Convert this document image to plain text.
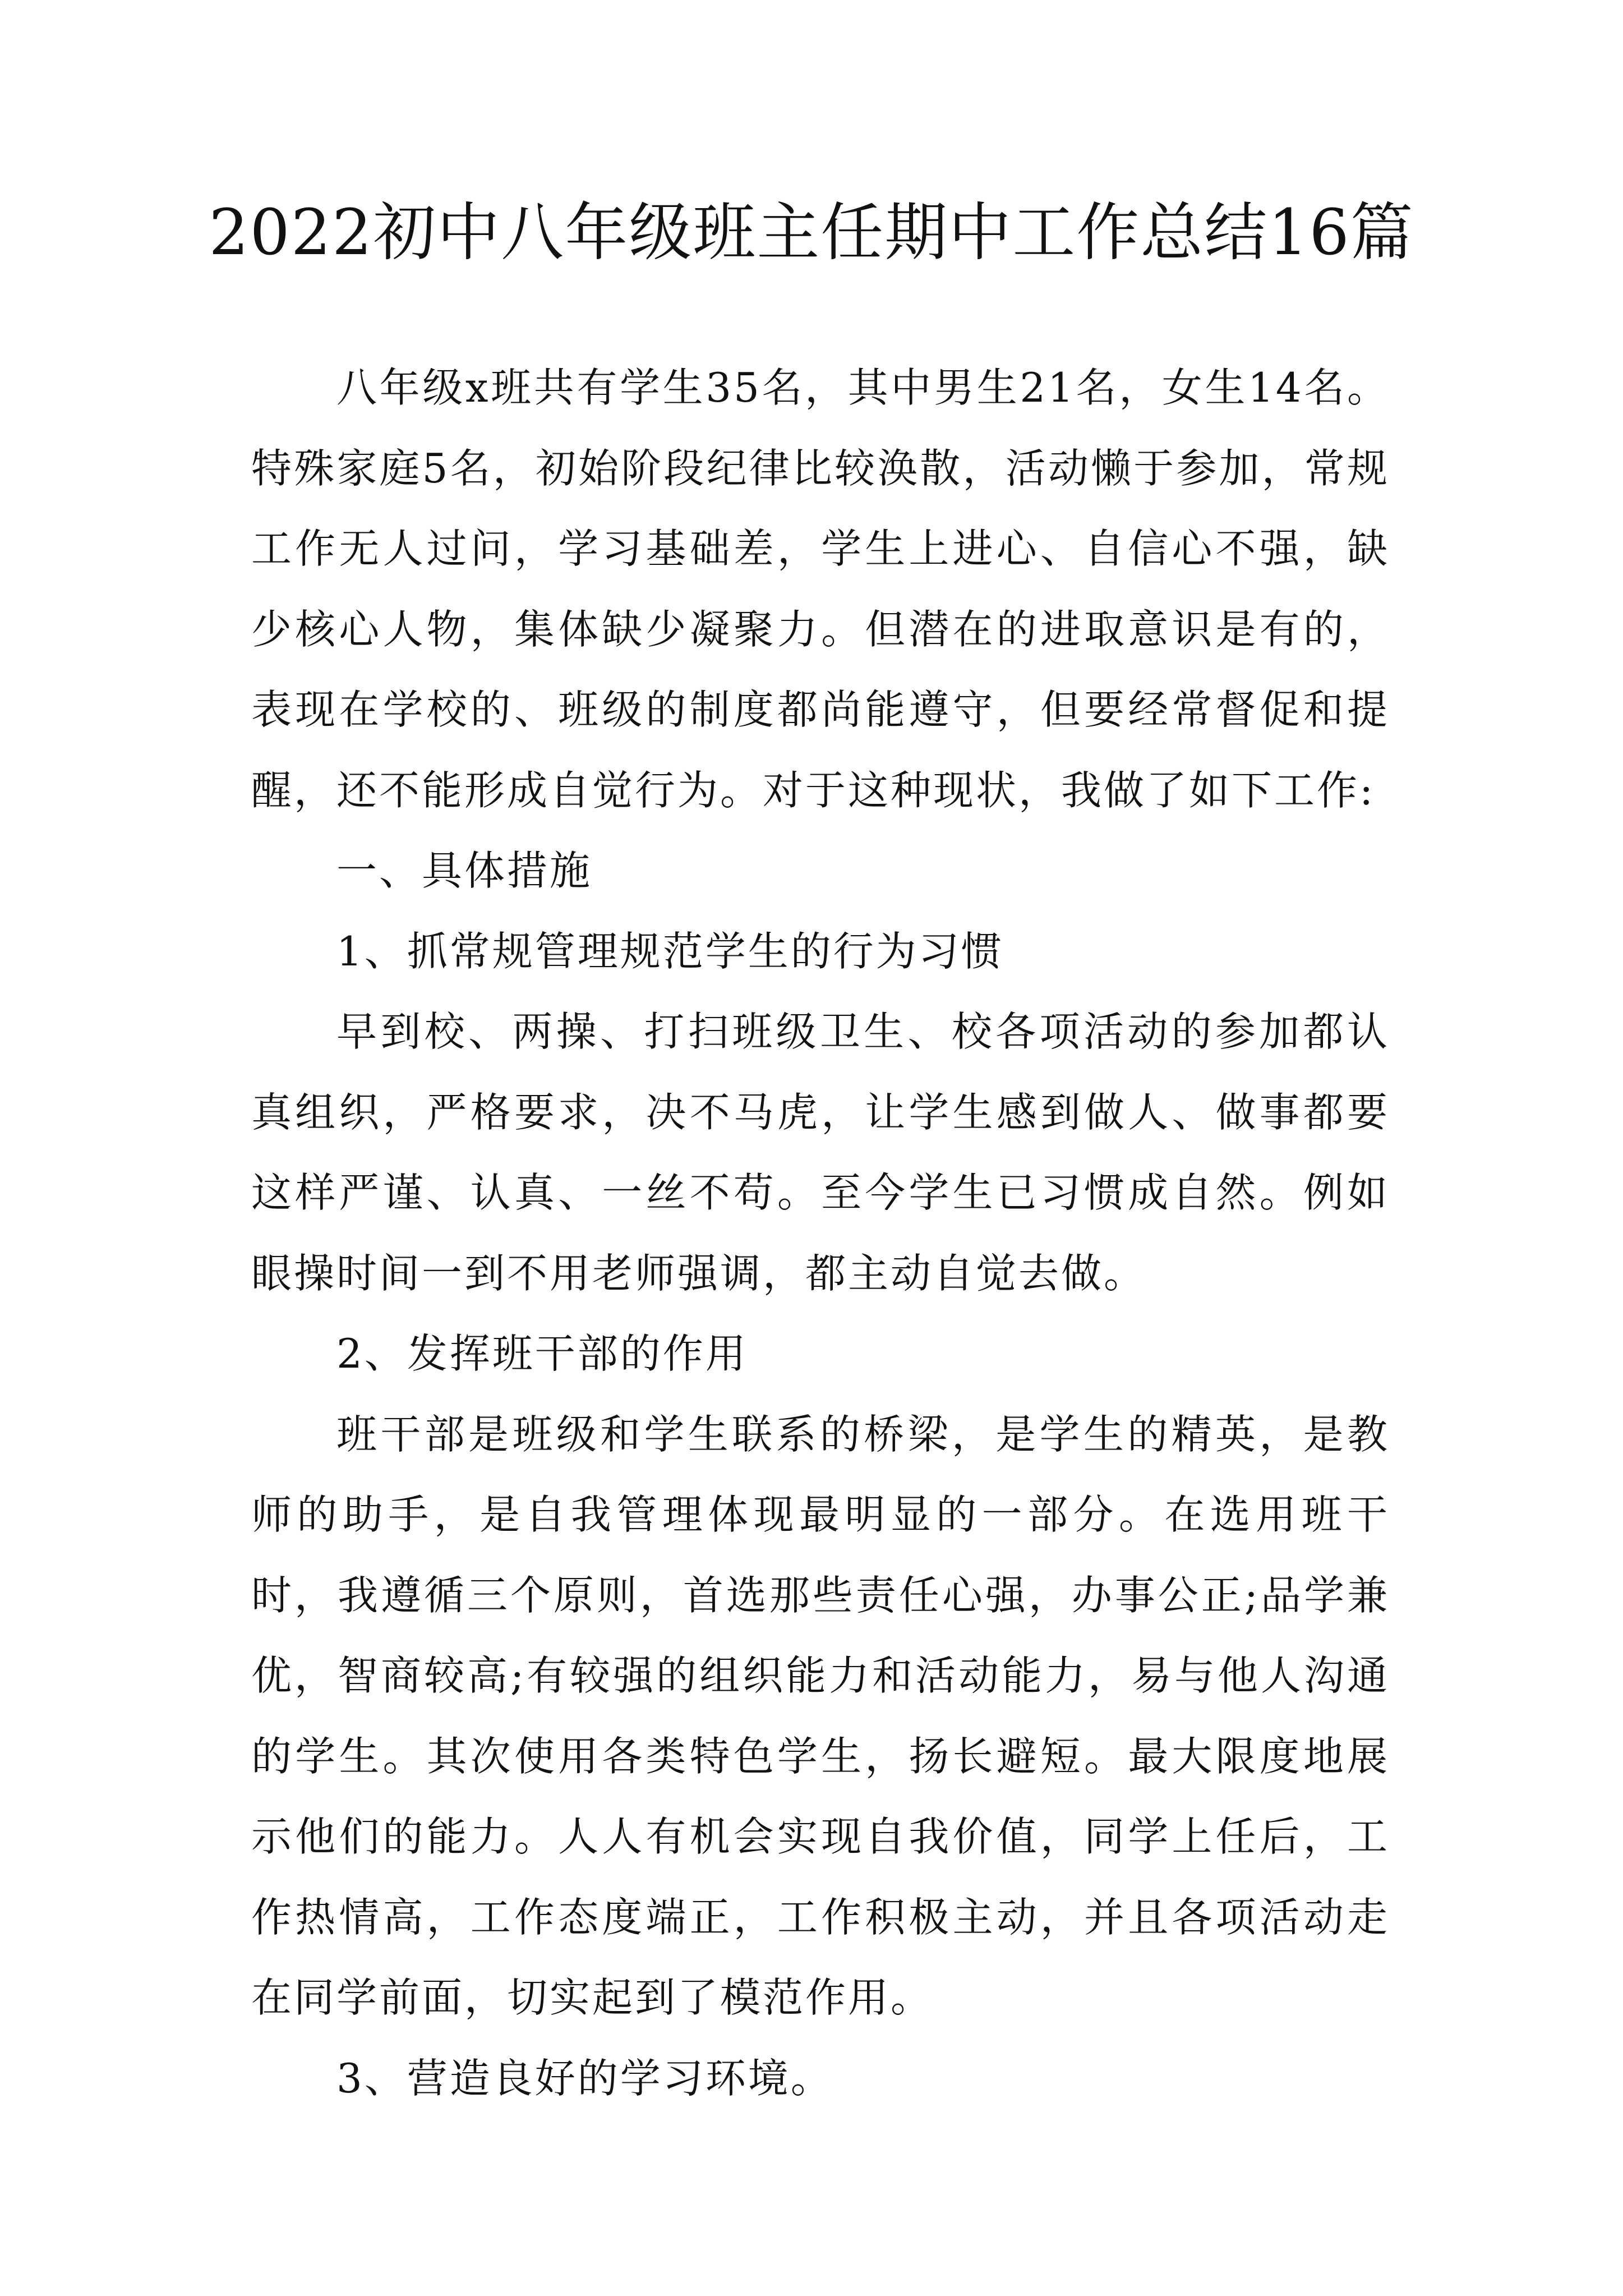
2022初中八年级班主任期中工作总结16篇

八年级x班共有学生35名，其中男生21名，女生14名。特殊家庭5名，初始阶段纪律比较涣散，活动懒于参加，常规工作无人过问，学习基础差，学生上进心、自信心不强，缺少核心人物，集体缺少凝聚力。但潜在的进取意识是有的，表现在学校的、班级的制度都尚能遵守，但要经常督促和提醒，还不能形成自觉行为。对于这种现状，我做了如下工作:

一、具体措施

1、抓常规管理规范学生的行为习惯

早到校、两操、打扫班级卫生、校各项活动的参加都认真组织，严格要求，决不马虎，让学生感到做人、做事都要这样严谨、认真、一丝不苟。至今学生已习惯成自然。例如眼操时间一到不用老师强调，都主动自觉去做。

2、发挥班干部的作用

班干部是班级和学生联系的桥梁，是学生的精英，是教师的助手，是自我管理体现最明显的一部分。在选用班干时，我遵循三个原则，首选那些责任心强，办事公正;品学兼优，智商较高;有较强的组织能力和活动能力，易与他人沟通的学生。其次使用各类特色学生，扬长避短。最大限度地展示他们的能力。人人有机会实现自我价值，同学上任后，工作热情高，工作态度端正，工作积极主动，并且各项活动走在同学前面，切实起到了模范作用。

3、营造良好的学习环境。
